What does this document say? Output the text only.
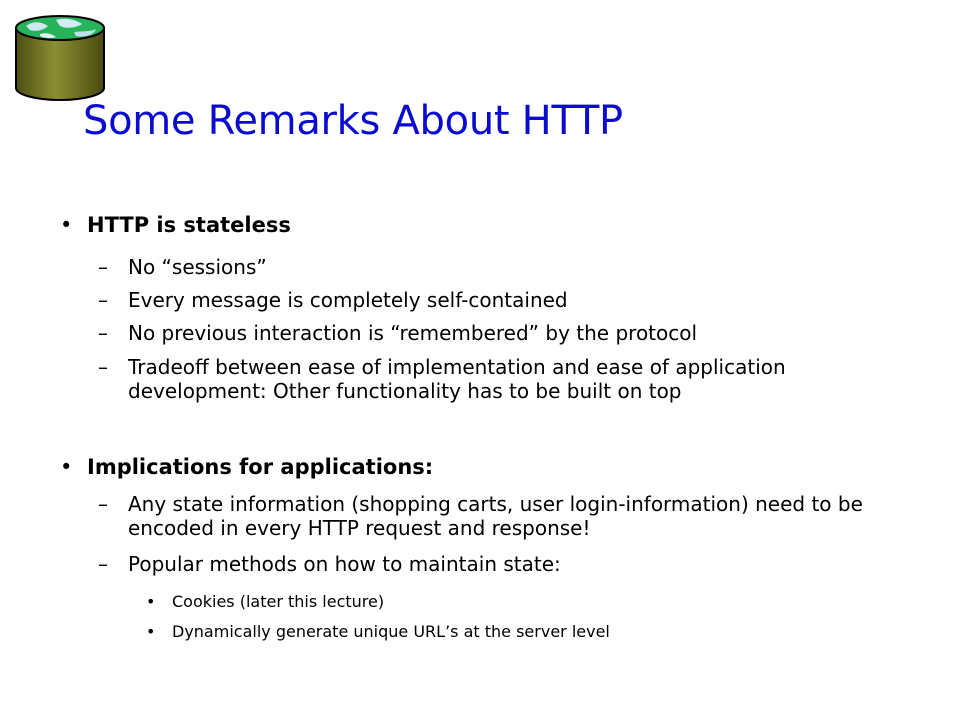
Some Remarks About HTTP
• HTTP is stateless
– No “sessions”
– Every message is completely self-contained
– No previous interaction is “remembered” by the protocol
– Tradeoff between ease of implementation and ease of application development: Other functionality has to be built on top
• Implications for applications:
– Any state information (shopping carts, user login-information) need to be encoded in every HTTP request and response!
– Popular methods on how to maintain state:
• Cookies (later this lecture)
• Dynamically generate unique URL’s at the server level
